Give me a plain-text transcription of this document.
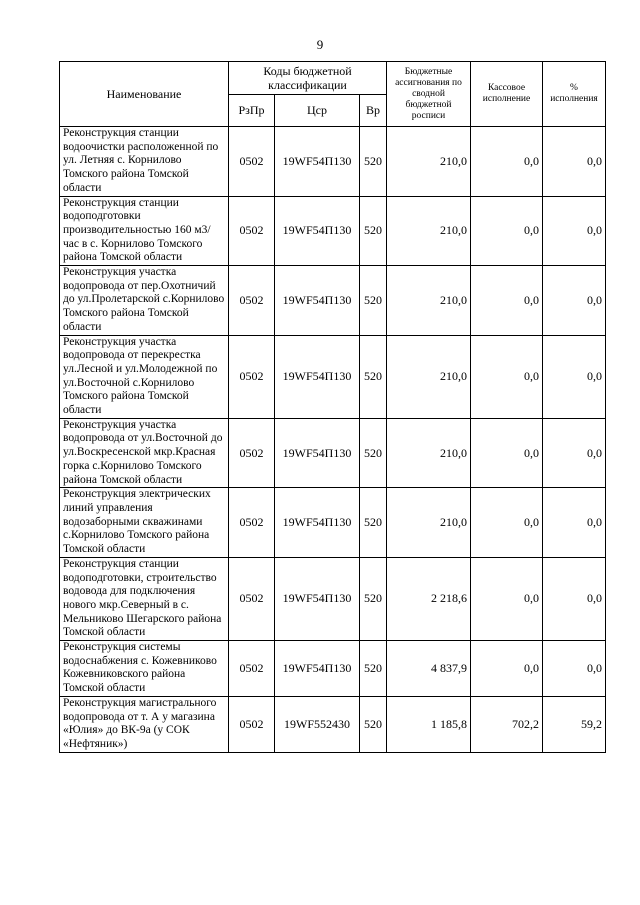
9
Наименование	Коды бюджетной классификации			Бюджетные ассигнования по сводной бюджетной росписи	Кассовое исполнение	% исполнения
	РзПр	Цср	Вр			
Реконструкция станции водоочистки расположенной по ул. Летняя с. Корнилово Томского района Томской области	0502	19WF54П130	520	210,0	0,0	0,0
Реконструкция станции водоподготовки производительностью 160 м3/час в с. Корнилово Томского района Томской области	0502	19WF54П130	520	210,0	0,0	0,0
Реконструкция участка водопровода от пер.Охотничий до ул.Пролетарской с.Корнилово Томского района Томской области	0502	19WF54П130	520	210,0	0,0	0,0
Реконструкция участка водопровода от перекрестка ул.Лесной и ул.Молодежной по ул.Восточной с.Корнилово Томского района Томской области	0502	19WF54П130	520	210,0	0,0	0,0
Реконструкция участка водопровода от ул.Восточной до ул.Воскресенской мкр.Красная горка с.Корнилово Томского района Томской области	0502	19WF54П130	520	210,0	0,0	0,0
Реконструкция электрических линий управления водозаборными скважинами с.Корнилово Томского района Томской области	0502	19WF54П130	520	210,0	0,0	0,0
Реконструкция станции водоподготовки, строительство водовода для подключения нового мкр.Северный в с. Мельниково Шегарского района Томской области	0502	19WF54П130	520	2 218,6	0,0	0,0
Реконструкция системы водоснабжения с. Кожевниково Кожевниковского района Томской области	0502	19WF54П130	520	4 837,9	0,0	0,0
Реконструкция магистрального водопровода от т. А у магазина «Юлия» до ВК-9а (у СОК «Нефтяник»)	0502	19WF552430	520	1 185,8	702,2	59,2
